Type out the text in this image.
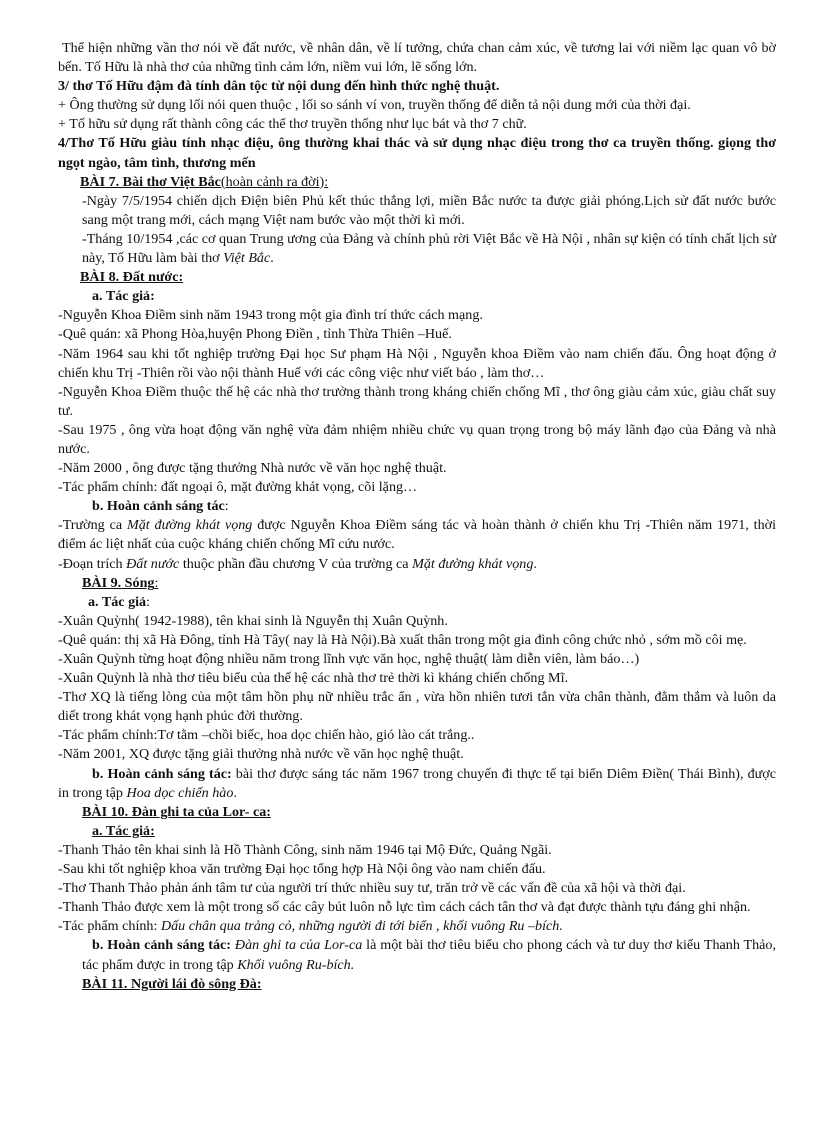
Thể hiện những vần thơ nói về đất nước, về nhân dân, về lí tưởng, chứa chan cảm xúc, về tương lai với niềm lạc quan vô bờ bến. Tố Hữu là nhà thơ của những tình cảm lớn, niềm vui lớn, lẽ sống lớn.

3/ thơ Tố Hữu đậm đà tính dân tộc từ nội dung đến hình thức nghệ thuật.

+ Ông thường sử dụng lối nói quen thuộc , lối so sánh ví von, truyền thống để diễn tả nội dung mới của thời đại.

+ Tố hữu sử dụng rất thành công các thể thơ truyền thống như lục bát và thơ 7 chữ.

4/Thơ Tố Hữu giàu tính nhạc điệu, ông thường khai thác và sử dụng nhạc điệu trong thơ ca truyền thống. giọng thơ ngọt ngào, tâm tình, thương mến

BÀI 7. Bài thơ Việt Bắc(hoàn cảnh ra đời):

-Ngày 7/5/1954 chiến dịch Điện biên Phủ kết thúc thắng lợi, miền Bắc nước ta được giải phóng.Lịch sử đất nước bước sang một trang mới, cách mạng Việt nam bước vào một thời kì mới.

-Tháng 10/1954 ,các cơ quan Trung ương của Đảng và chính phủ rời Việt Bắc về Hà Nội , nhân sự kiện có tính chất lịch sử này, Tố Hữu làm bài thơ Việt Bắc.

BÀI 8. Đất nước:

a. Tác giả:

-Nguyễn Khoa Điềm sinh năm 1943 trong một gia đình trí thức cách mạng.

-Quê quán: xã Phong Hòa,huyện Phong Điền , tỉnh Thừa Thiên –Huế.

-Năm 1964 sau khi tốt nghiệp trường Đại học Sư phạm Hà Nội , Nguyễn khoa Điềm vào nam chiến đấu. Ông hoạt động ở chiến khu Trị -Thiên rồi vào nội thành Huế với các công việc như viết báo , làm thơ…

-Nguyễn Khoa Điềm thuộc thế hệ các nhà thơ trưởng thành trong kháng chiến chống Mĩ , thơ ông giàu cảm xúc, giàu chất suy tư.

-Sau 1975 , ông vừa hoạt động văn nghệ vừa đảm nhiệm nhiều chức vụ quan trọng trong bộ máy lãnh đạo của Đảng và nhà nước.

-Năm 2000 , ông được tặng thưởng Nhà nước về văn học nghệ thuật.

-Tác phẩm chính: đất ngoại ô, mặt đường khát vọng, cõi lặng…

b. Hoàn cảnh sáng tác:

-Trường ca Mặt đường khát vọng được Nguyễn Khoa Điềm sáng tác và hoàn thành ở chiến khu Trị -Thiên năm 1971, thời điểm ác liệt nhất của cuộc kháng chiến chống Mĩ cứu nước.

-Đoạn trích Đất nước thuộc phần đầu chương V của trường ca Mặt đường khát vọng.

BÀI 9. Sóng:

a. Tác giả:

-Xuân Quỳnh( 1942-1988), tên khai sinh là Nguyễn thị Xuân Quỳnh.

-Quê quán: thị xã Hà Đông, tỉnh Hà Tây( nay là Hà Nội).Bà xuất thân trong một gia đình công chức nhỏ , sớm mồ côi mẹ.

-Xuân Quỳnh từng hoạt động nhiều năm trong lĩnh vực văn học, nghệ thuật( làm diễn viên, làm báo…)

-Xuân Quỳnh là nhà thơ tiêu biểu của thế hệ các nhà thơ trẻ thời kì kháng chiến chống Mĩ.

-Thơ XQ là tiếng lòng của một tâm hồn phụ nữ nhiều trắc ẩn , vừa hồn nhiên tươi tắn vừa chân thành, đằm thắm và luôn da diết trong khát vọng hạnh phúc đời thường.

-Tác phẩm chính:Tơ tằm –chồi biếc, hoa dọc chiến hào, gió lào cát trắng..

-Năm 2001, XQ được tặng giải thưởng nhà nước về văn học nghệ thuật.

b. Hoàn cảnh sáng tác: bài thơ được sáng tác năm 1967 trong chuyến đi thực tế tại biển Diêm Điền( Thái Bình), được in trong tập Hoa dọc chiến hào.

BÀI 10. Đàn ghi ta của Lor- ca:

a. Tác giả:

-Thanh Thảo tên khai sinh là Hồ Thành Công, sinh năm 1946 tại Mộ Đức, Quảng Ngãi.

-Sau khi tốt nghiệp khoa văn trường Đại học tổng hợp Hà Nội ông vào nam chiến đấu.

-Thơ Thanh Thảo phản ánh tâm tư của người trí thức nhiều suy tư, trăn trở về các vấn đề của xã hội và thời đại.

-Thanh Thảo được xem là một trong số các cây bút luôn nỗ lực tìm cách cách tân thơ và đạt được thành tựu đáng ghi nhận.

-Tác phẩm chính: Dấu chân qua trảng cỏ, những người đi tới biển , khối vuông Ru –bích.

b. Hoàn cảnh sáng tác: Đàn ghi ta của Lor-ca là một bài thơ tiêu biểu cho phong cách và tư duy thơ kiểu Thanh Thảo, tác phẩm được in trong tập Khối vuông Ru-bích.

BÀI 11. Người lái đò sông Đà:
